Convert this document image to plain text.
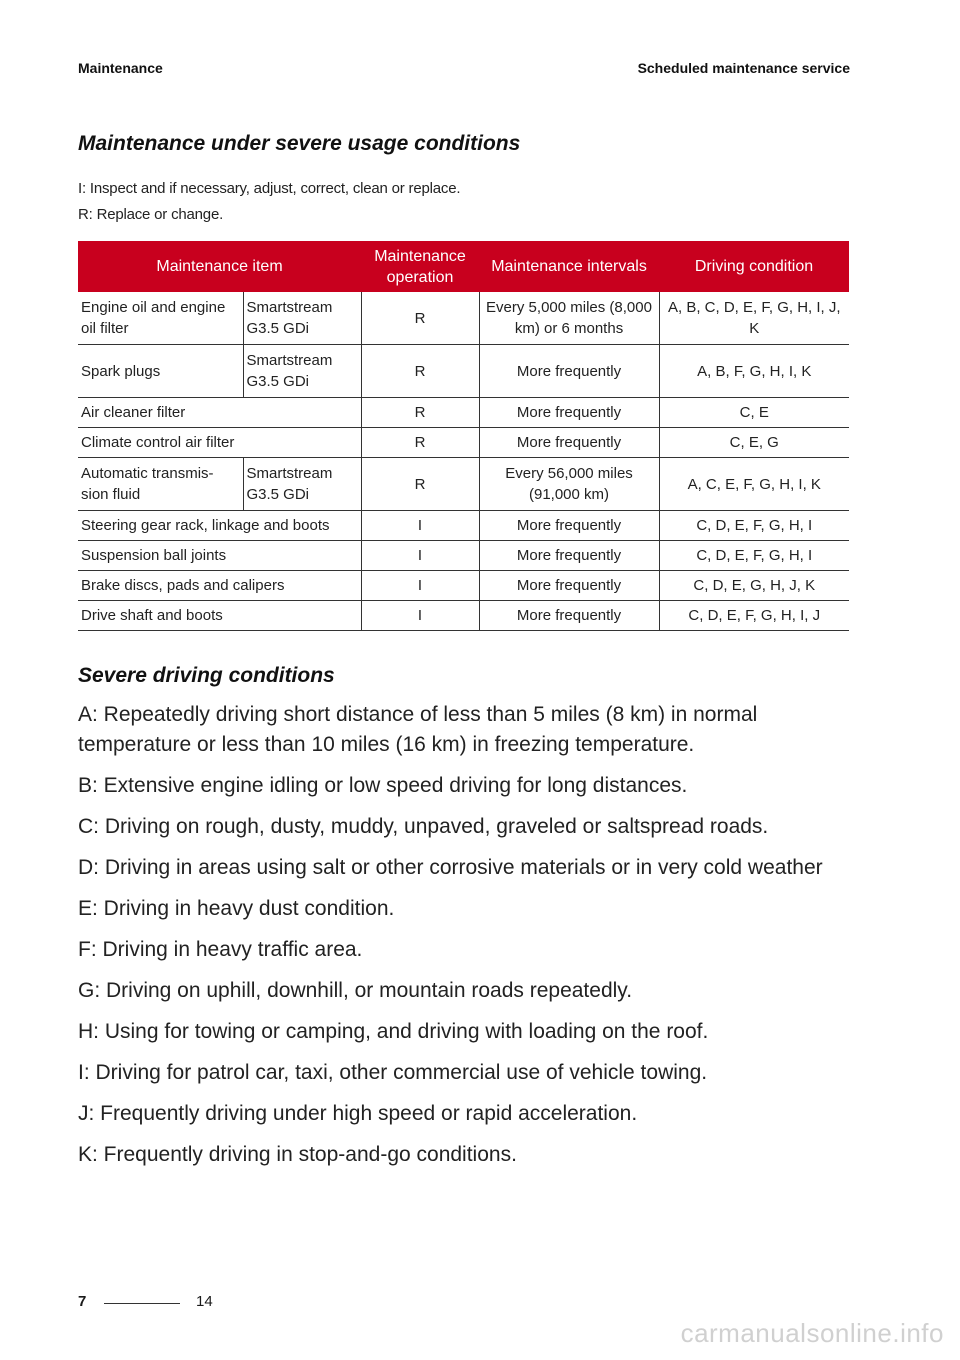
Maintenance	Scheduled maintenance service
Maintenance under severe usage conditions
I: Inspect and if necessary, adjust, correct, clean or replace.
R: Replace or change.
Maintenance item		Maintenance operation	Maintenance intervals	Driving condition
Engine oil and engine oil filter	Smartstream G3.5 GDi	R	Every 5,000 miles (8,000 km) or 6 months	A, B, C, D, E, F, G, H, I, J, K
Spark plugs	Smartstream G3.5 GDi	R	More frequently	A, B, F, G, H, I, K
Air cleaner filter		R	More frequently	C, E
Climate control air filter		R	More frequently	C, E, G
Automatic transmis-sion fluid	Smartstream G3.5 GDi	R	Every 56,000 miles (91,000 km)	A, C, E, F, G, H, I, K
Steering gear rack, linkage and boots		I	More frequently	C, D, E, F, G, H, I
Suspension ball joints		I	More frequently	C, D, E, F, G, H, I
Brake discs, pads and calipers		I	More frequently	C, D, E, G, H, J, K
Drive shaft and boots		I	More frequently	C, D, E, F, G, H, I, J
Severe driving conditions

A: Repeatedly driving short distance of less than 5 miles (8 km) in normal temperature or less than 10 miles (16 km) in freezing temperature.

B: Extensive engine idling or low speed driving for long distances.

C: Driving on rough, dusty, muddy, unpaved, graveled or saltspread roads.

D: Driving in areas using salt or other corrosive materials or in very cold weather

E: Driving in heavy dust condition.

F: Driving in heavy traffic area.

G: Driving on uphill, downhill, or mountain roads repeatedly.

H: Using for towing or camping, and driving with loading on the roof.

I: Driving for patrol car, taxi, other commercial use of vehicle towing.

J: Frequently driving under high speed or rapid acceleration.

K: Frequently driving in stop-and-go conditions.

7	14
carmanualsonline.info
